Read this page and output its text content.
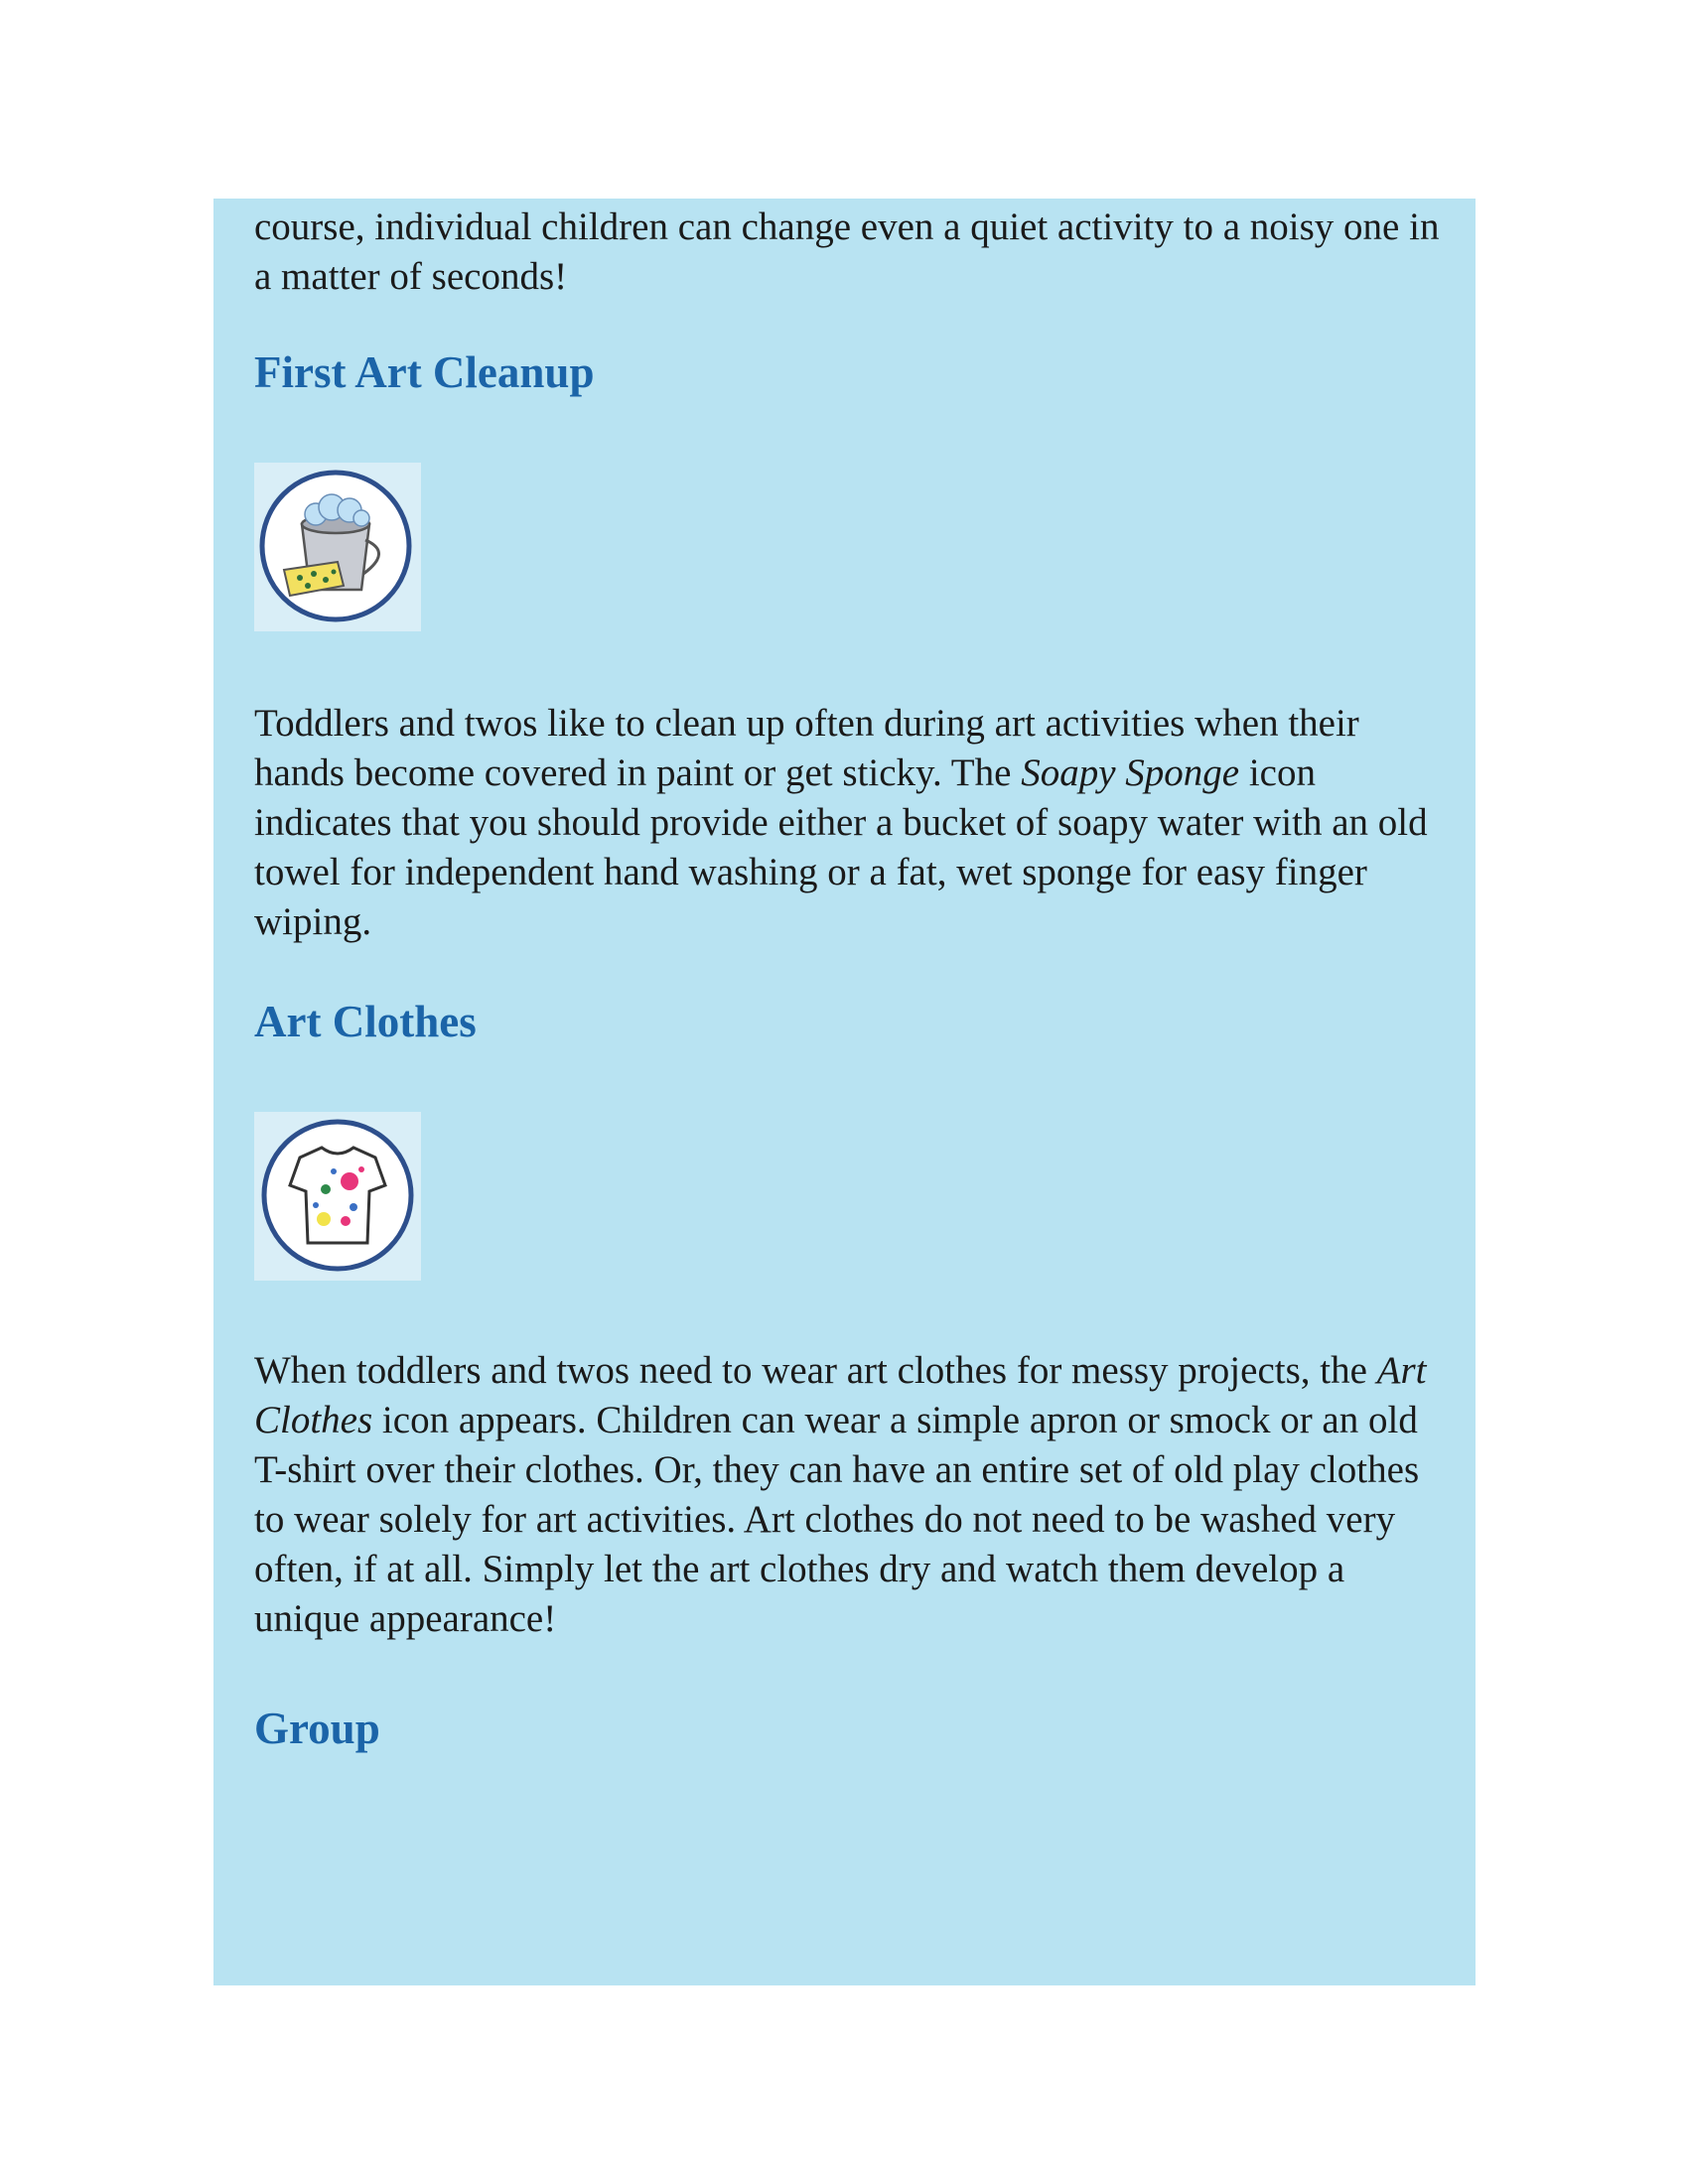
course, individual children can change even a quiet activity to a noisy one in a matter of seconds!

First Art Cleanup

Toddlers and twos like to clean up often during art activities when their hands become covered in paint or get sticky. The Soapy Sponge icon indicates that you should provide either a bucket of soapy water with an old towel for independent hand washing or a fat, wet sponge for easy finger wiping.

Art Clothes

When toddlers and twos need to wear art clothes for messy projects, the Art Clothes icon appears. Children can wear a simple apron or smock or an old T-shirt over their clothes. Or, they can have an entire set of old play clothes to wear solely for art activities. Art clothes do not need to be washed very often, if at all. Simply let the art clothes dry and watch them develop a unique appearance!

Group
